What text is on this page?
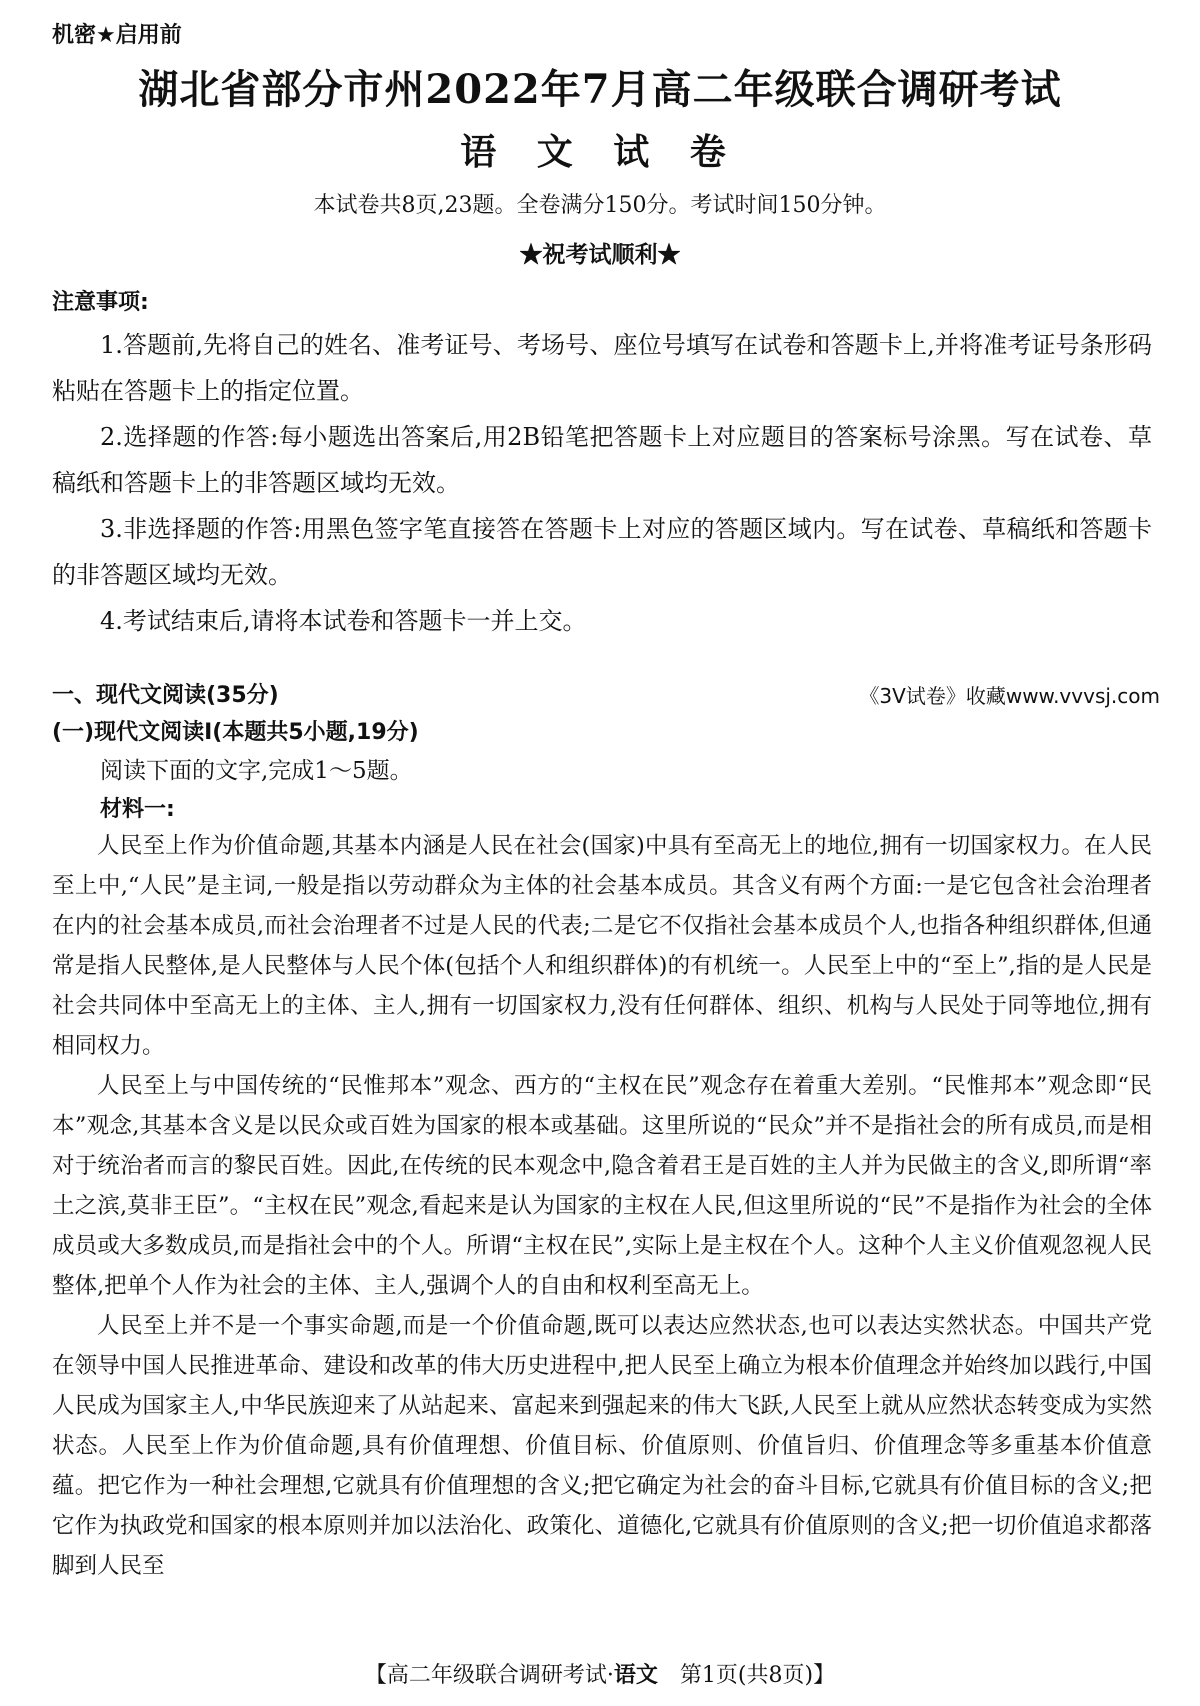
机密★启用前
湖北省部分市州2022年7月高二年级联合调研考试
语 文 试 卷
本试卷共8页,23题。全卷满分150分。考试时间150分钟。
★祝考试顺利★
注意事项:

1.答题前,先将自己的姓名、准考证号、考场号、座位号填写在试卷和答题卡上,并将准考证号条形码粘贴在答题卡上的指定位置。

2.选择题的作答:每小题选出答案后,用2B铅笔把答题卡上对应题目的答案标号涂黑。写在试卷、草稿纸和答题卡上的非答题区域均无效。

3.非选择题的作答:用黑色签字笔直接答在答题卡上对应的答题区域内。写在试卷、草稿纸和答题卡的非答题区域均无效。

4.考试结束后,请将本试卷和答题卡一并上交。

一、现代文阅读(35分)	《3V试卷》收藏www.vvvsj.com
(一)现代文阅读Ⅰ(本题共5小题,19分)
阅读下面的文字,完成1～5题。
材料一:

人民至上作为价值命题,其基本内涵是人民在社会(国家)中具有至高无上的地位,拥有一切国家权力。在人民至上中,“人民”是主词,一般是指以劳动群众为主体的社会基本成员。其含义有两个方面:一是它包含社会治理者在内的社会基本成员,而社会治理者不过是人民的代表;二是它不仅指社会基本成员个人,也指各种组织群体,但通常是指人民整体,是人民整体与人民个体(包括个人和组织群体)的有机统一。人民至上中的“至上”,指的是人民是社会共同体中至高无上的主体、主人,拥有一切国家权力,没有任何群体、组织、机构与人民处于同等地位,拥有相同权力。

人民至上与中国传统的“民惟邦本”观念、西方的“主权在民”观念存在着重大差别。“民惟邦本”观念即“民本”观念,其基本含义是以民众或百姓为国家的根本或基础。这里所说的“民众”并不是指社会的所有成员,而是相对于统治者而言的黎民百姓。因此,在传统的民本观念中,隐含着君王是百姓的主人并为民做主的含义,即所谓“率土之滨,莫非王臣”。“主权在民”观念,看起来是认为国家的主权在人民,但这里所说的“民”不是指作为社会的全体成员或大多数成员,而是指社会中的个人。所谓“主权在民”,实际上是主权在个人。这种个人主义价值观忽视人民整体,把单个人作为社会的主体、主人,强调个人的自由和权利至高无上。

人民至上并不是一个事实命题,而是一个价值命题,既可以表达应然状态,也可以表达实然状态。中国共产党在领导中国人民推进革命、建设和改革的伟大历史进程中,把人民至上确立为根本价值理念并始终加以践行,中国人民成为国家主人,中华民族迎来了从站起来、富起来到强起来的伟大飞跃,人民至上就从应然状态转变成为实然状态。人民至上作为价值命题,具有价值理想、价值目标、价值原则、价值旨归、价值理念等多重基本价值意蕴。把它作为一种社会理想,它就具有价值理想的含义;把它确定为社会的奋斗目标,它就具有价值目标的含义;把它作为执政党和国家的根本原则并加以法治化、政策化、道德化,它就具有价值原则的含义;把一切价值追求都落脚到人民至

【高二年级联合调研考试·语文　第1页(共8页)】
